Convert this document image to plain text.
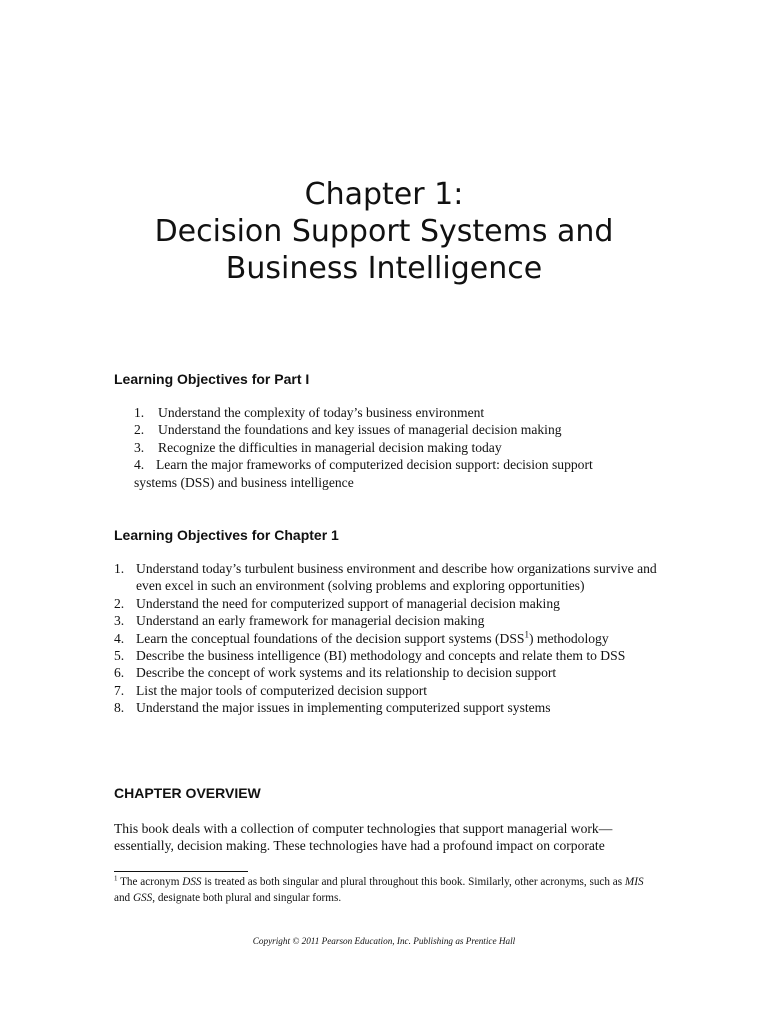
Chapter 1:
Decision Support Systems and
Business Intelligence
Learning Objectives for Part I
1. Understand the complexity of today’s business environment
2. Understand the foundations and key issues of managerial decision making
3. Recognize the difficulties in managerial decision making today
4. Learn the major frameworks of computerized decision support: decision support
systems (DSS) and business intelligence
Learning Objectives for Chapter 1
1. Understand today’s turbulent business environment and describe how organizations survive and even excel in such an environment (solving problems and exploring opportunities)
2. Understand the need for computerized support of managerial decision making
3. Understand an early framework for managerial decision making
4. Learn the conceptual foundations of the decision support systems (DSS$^1$) methodology
5. Describe the business intelligence (BI) methodology and concepts and relate them to DSS
6. Describe the concept of work systems and its relationship to decision support
7. List the major tools of computerized decision support
8. Understand the major issues in implementing computerized support systems
CHAPTER OVERVIEW

This book deals with a collection of computer technologies that support managerial work—essentially, decision making. These technologies have had a profound impact on corporate

$^1$ The acronym DSS is treated as both singular and plural throughout this book. Similarly, other acronyms, such as MIS and GSS, designate both plural and singular forms.

Copyright © 2011 Pearson Education, Inc. Publishing as Prentice Hall
